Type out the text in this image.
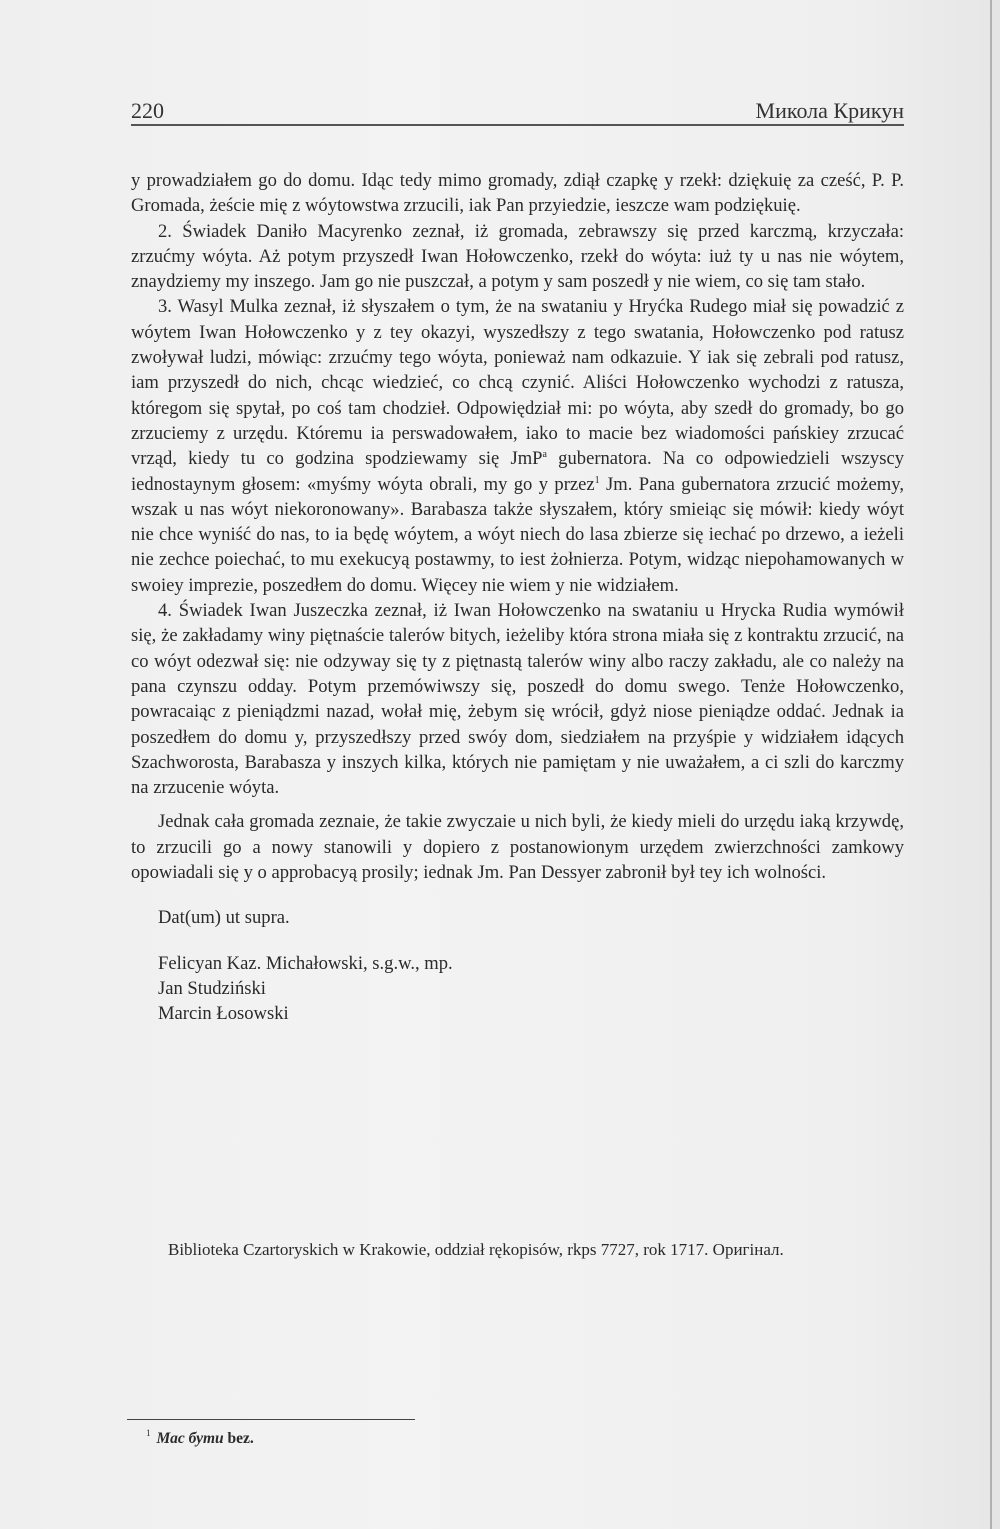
220	Микола Крикун

y prowadziałem go do domu. Idąc tedy mimo gromady, zdiął czapkę y rzekł: dziękuię za cześć, P. P. Gromada, żeście mię z wóytowstwa zrzucili, iak Pan przyiedzie, ieszcze wam podziękuię.

2. Świadek Daniło Macyrenko zeznał, iż gromada, zebrawszy się przed karczmą, krzyczała: zrzućmy wóyta. Aż potym przyszedł Iwan Hołowczenko, rzekł do wóyta: iuż ty u nas nie wóytem, znaydziemy my inszego. Jam go nie puszczał, a potym y sam poszedł y nie wiem, co się tam stało.

3. Wasyl Mulka zeznał, iż słyszałem o tym, że na swataniu y Hryćka Rudego miał się powadzić z wóytem Iwan Hołowczenko y z tey okazyi, wyszedłszy z tego swatania, Hołowczenko pod ratusz zwoływał ludzi, mówiąc: zrzućmy tego wóyta, ponieważ nam odkazuie. Y iak się zebrali pod ratusz, iam przyszedł do nich, chcąc wiedzieć, co chcą czynić. Aliści Hołowczenko wychodzi z ratusza, któregom się spytał, po coś tam chodzieł. Odpowiędział mi: po wóyta, aby szedł do gromady, bo go zrzuciemy z urzędu. Któremu ia perswadowałem, iako to macie bez wiadomości pańskiey zrzucać vrząd, kiedy tu co godzina spodziewamy się JmP$^a$ gubernatora. Na co odpowiedzieli wszyscy iednostaynym głosem: «myśmy wóyta obrali, my go y przez$^1$ Jm. Pana gubernatora zrzucić możemy, wszak u nas wóyt niekoronowany». Barabasza także słyszałem, który smieiąc się mówił: kiedy wóyt nie chce wyniść do nas, to ia będę wóytem, a wóyt niech do lasa zbierze się iechać po drzewo, a ieżeli nie zechce poiechać, to mu exekucyą postawmy, to iest żołnierza. Potym, widząc niepohamowanych w swoiey imprezie, poszedłem do domu. Więcey nie wiem y nie widziałem.

4. Świadek Iwan Juszeczka zeznał, iż Iwan Hołowczenko na swataniu u Hrycka Rudia wymówił się, że zakładamy winy piętnaście talerów bitych, ieżeliby która strona miała się z kontraktu zrzucić, na co wóyt odezwał się: nie odzyway się ty z piętnastą talerów winy albo raczy zakładu, ale co należy na pana czynszu odday. Potym przemówiwszy się, poszedł do domu swego. Tenże Hołowczenko, powracaiąc z pieniądzmi nazad, wołał mię, żebym się wrócił, gdyż niose pieniądze oddać. Jednak ia poszedłem do domu y, przyszedłszy przed swóy dom, siedziałem na przyśpie y widziałem idących Szachworosta, Barabasza y inszych kilka, których nie pamiętam y nie uważałem, a ci szli do karczmy na zrzucenie wóyta.

Jednak cała gromada zeznaie, że takie zwyczaie u nich byli, że kiedy mieli do urzędu iaką krzywdę, to zrzucili go a nowy stanowili y dopiero z postanowionym urzędem zwierzchności zamkowy opowiadali się y o approbacyą prosily; iednak Jm. Pan Dessyer zabronił był tey ich wolności.

Dat(um) ut supra.

Felicyan Kaz. Michałowski, s.g.w., mp.

Jan Studziński

Marcin Łosowski

Biblioteka Czartoryskich w Krakowie, oddział rękopisów, rkps 7727, rok 1717. Оригінал.
$^1$ Мас бути bez.
